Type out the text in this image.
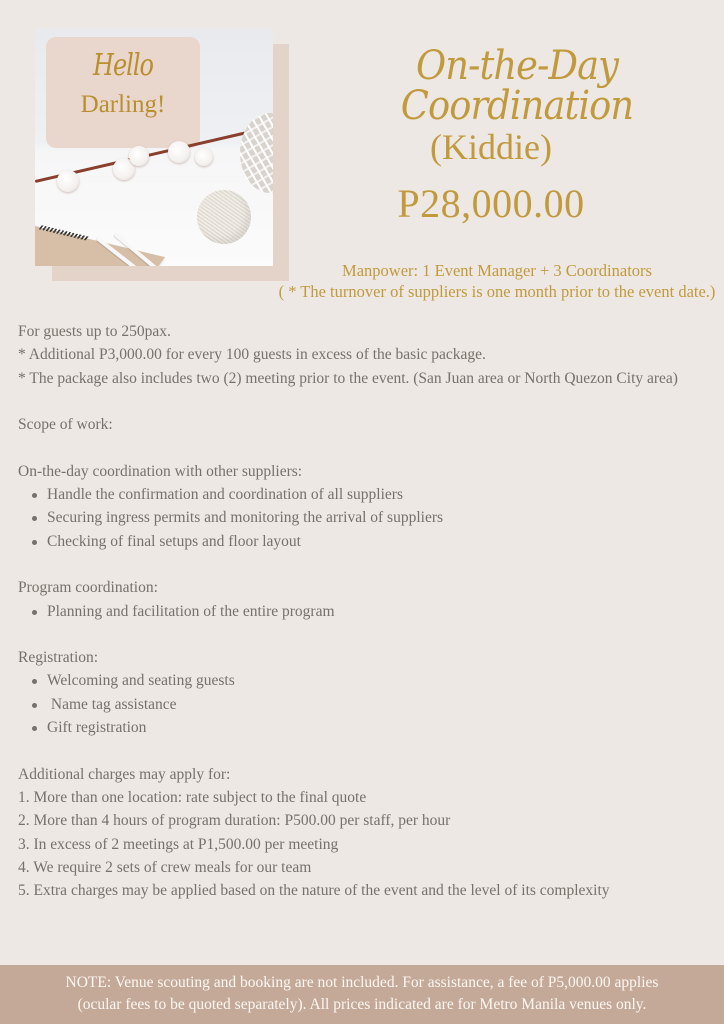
Hello
Darling!
On-the-Day
Coordination
(Kiddie)
P28,000.00
Manpower: 1 Event Manager + 3 Coordinators
( * The turnover of suppliers is one month prior to the event date.)

For guests up to 250pax.

* Additional P3,000.00 for every 100 guests in excess of the basic package.

* The package also includes two (2) meeting prior to the event. (San Juan area or North Quezon City area)

Scope of work:

On-the-day coordination with other suppliers:

Handle the confirmation and coordination of all suppliers
Securing ingress permits and monitoring the arrival of suppliers
Checking of final setups and floor layout

Program coordination:

Planning and facilitation of the entire program

Registration:

Welcoming and seating guests
Name tag assistance
Gift registration

Additional charges may apply for:

1. More than one location: rate subject to the final quote

2. More than 4 hours of program duration: P500.00 per staff, per hour

3. In excess of 2 meetings at P1,500.00 per meeting

4. We require 2 sets of crew meals for our team

5. Extra charges may be applied based on the nature of the event and the level of its complexity

NOTE: Venue scouting and booking are not included. For assistance, a fee of P5,000.00 applies
(ocular fees to be quoted separately). All prices indicated are for Metro Manila venues only.
